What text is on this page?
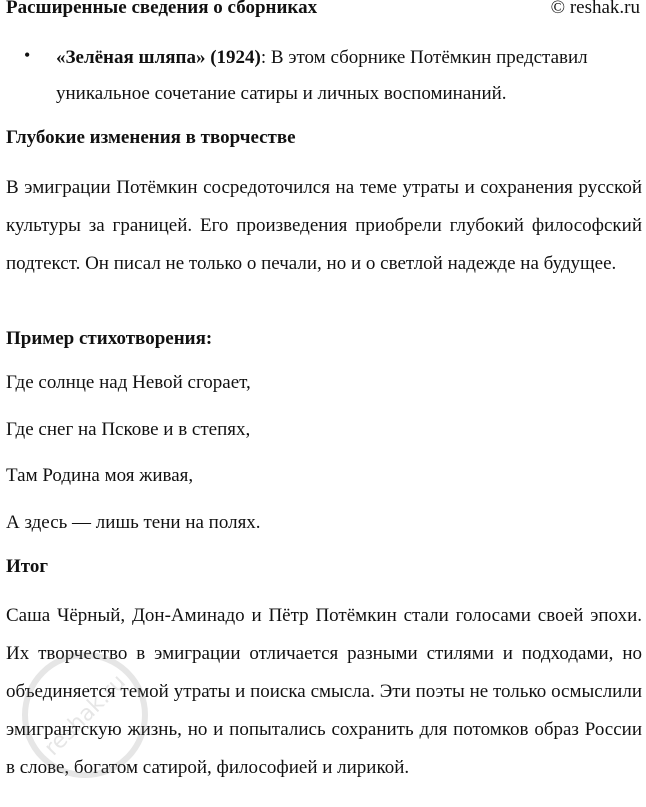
Расширенные сведения о сборниках	© reshak.ru
• «Зелёная шляпа» (1924): В этом сборнике Потёмкин представил уникальное сочетание сатиры и личных воспоминаний.
Глубокие изменения в творчестве
В эмиграции Потёмкин сосредоточился на теме утраты и сохранения русской культуры за границей. Его произведения приобрели глубокий философский подтекст. Он писал не только о печали, но и о светлой надежде на будущее.
Пример стихотворения:
Где солнце над Невой сгорает,
Где снег на Пскове и в степях,
Там Родина моя живая,
А здесь — лишь тени на полях.
Итог
Саша Чёрный, Дон-Аминадо и Пётр Потёмкин стали голосами своей эпохи. Их творчество в эмиграции отличается разными стилями и подходами, но объединяется темой утраты и поиска смысла. Эти поэты не только осмыслили эмигрантскую жизнь, но и попытались сохранить для потомков образ России в слове, богатом сатирой, философией и лирикой.
reshak.ru
